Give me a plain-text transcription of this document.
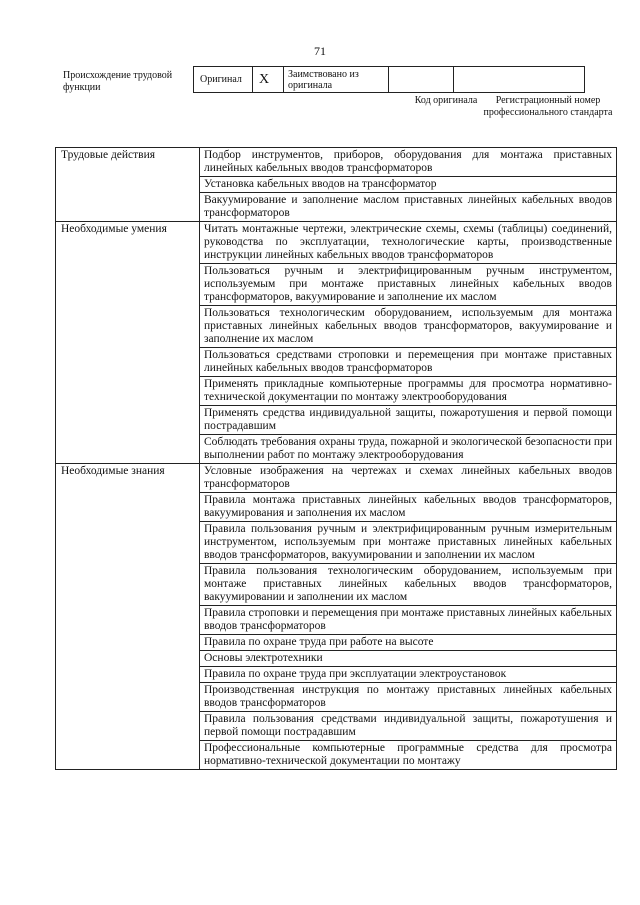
71
Происхождение трудовой функции
Оригинал	X	Заимствовано из оригинала		
Код оригинала	Регистрационный номер профессионального стандарта
Трудовые действия	Подбор инструментов, приборов, оборудования для монтажа приставных линейных кабельных вводов трансформаторов
	Установка кабельных вводов на трансформатор
	Вакуумирование и заполнение маслом приставных линейных кабельных вводов трансформаторов
Необходимые умения	Читать монтажные чертежи, электрические схемы, схемы (таблицы) соединений, руководства по эксплуатации, технологические карты, производственные инструкции линейных кабельных вводов трансформаторов
	Пользоваться ручным и электрифицированным ручным инструментом, используемым при монтаже приставных линейных кабельных вводов трансформаторов, вакуумирование и заполнение их маслом
	Пользоваться технологическим оборудованием, используемым для монтажа приставных линейных кабельных вводов трансформаторов, вакуумирование и заполнение их маслом
	Пользоваться средствами строповки и перемещения при монтаже приставных линейных кабельных вводов трансформаторов
	Применять прикладные компьютерные программы для просмотра нормативно-технической документации по монтажу электрооборудования
	Применять средства индивидуальной защиты, пожаротушения и первой помощи пострадавшим
	Соблюдать требования охраны труда, пожарной и экологической безопасности при выполнении работ по монтажу электрооборудования
Необходимые знания	Условные изображения на чертежах и схемах линейных кабельных вводов трансформаторов
	Правила монтажа приставных линейных кабельных вводов трансформаторов, вакуумирования и заполнения их маслом
	Правила пользования ручным и электрифицированным ручным измерительным инструментом, используемым при монтаже приставных линейных кабельных вводов трансформаторов, вакуумировании и заполнении их маслом
	Правила пользования технологическим оборудованием, используемым при монтаже приставных линейных кабельных вводов трансформаторов, вакуумировании и заполнении их маслом
	Правила строповки и перемещения при монтаже приставных линейных кабельных вводов трансформаторов
	Правила по охране труда при работе на высоте
	Основы электротехники
	Правила по охране труда при эксплуатации электроустановок
	Производственная инструкция по монтажу приставных линейных кабельных вводов трансформаторов
	Правила пользования средствами индивидуальной защиты, пожаротушения и первой помощи пострадавшим
	Профессиональные компьютерные программные средства для просмотра нормативно-технической документации по монтажу
